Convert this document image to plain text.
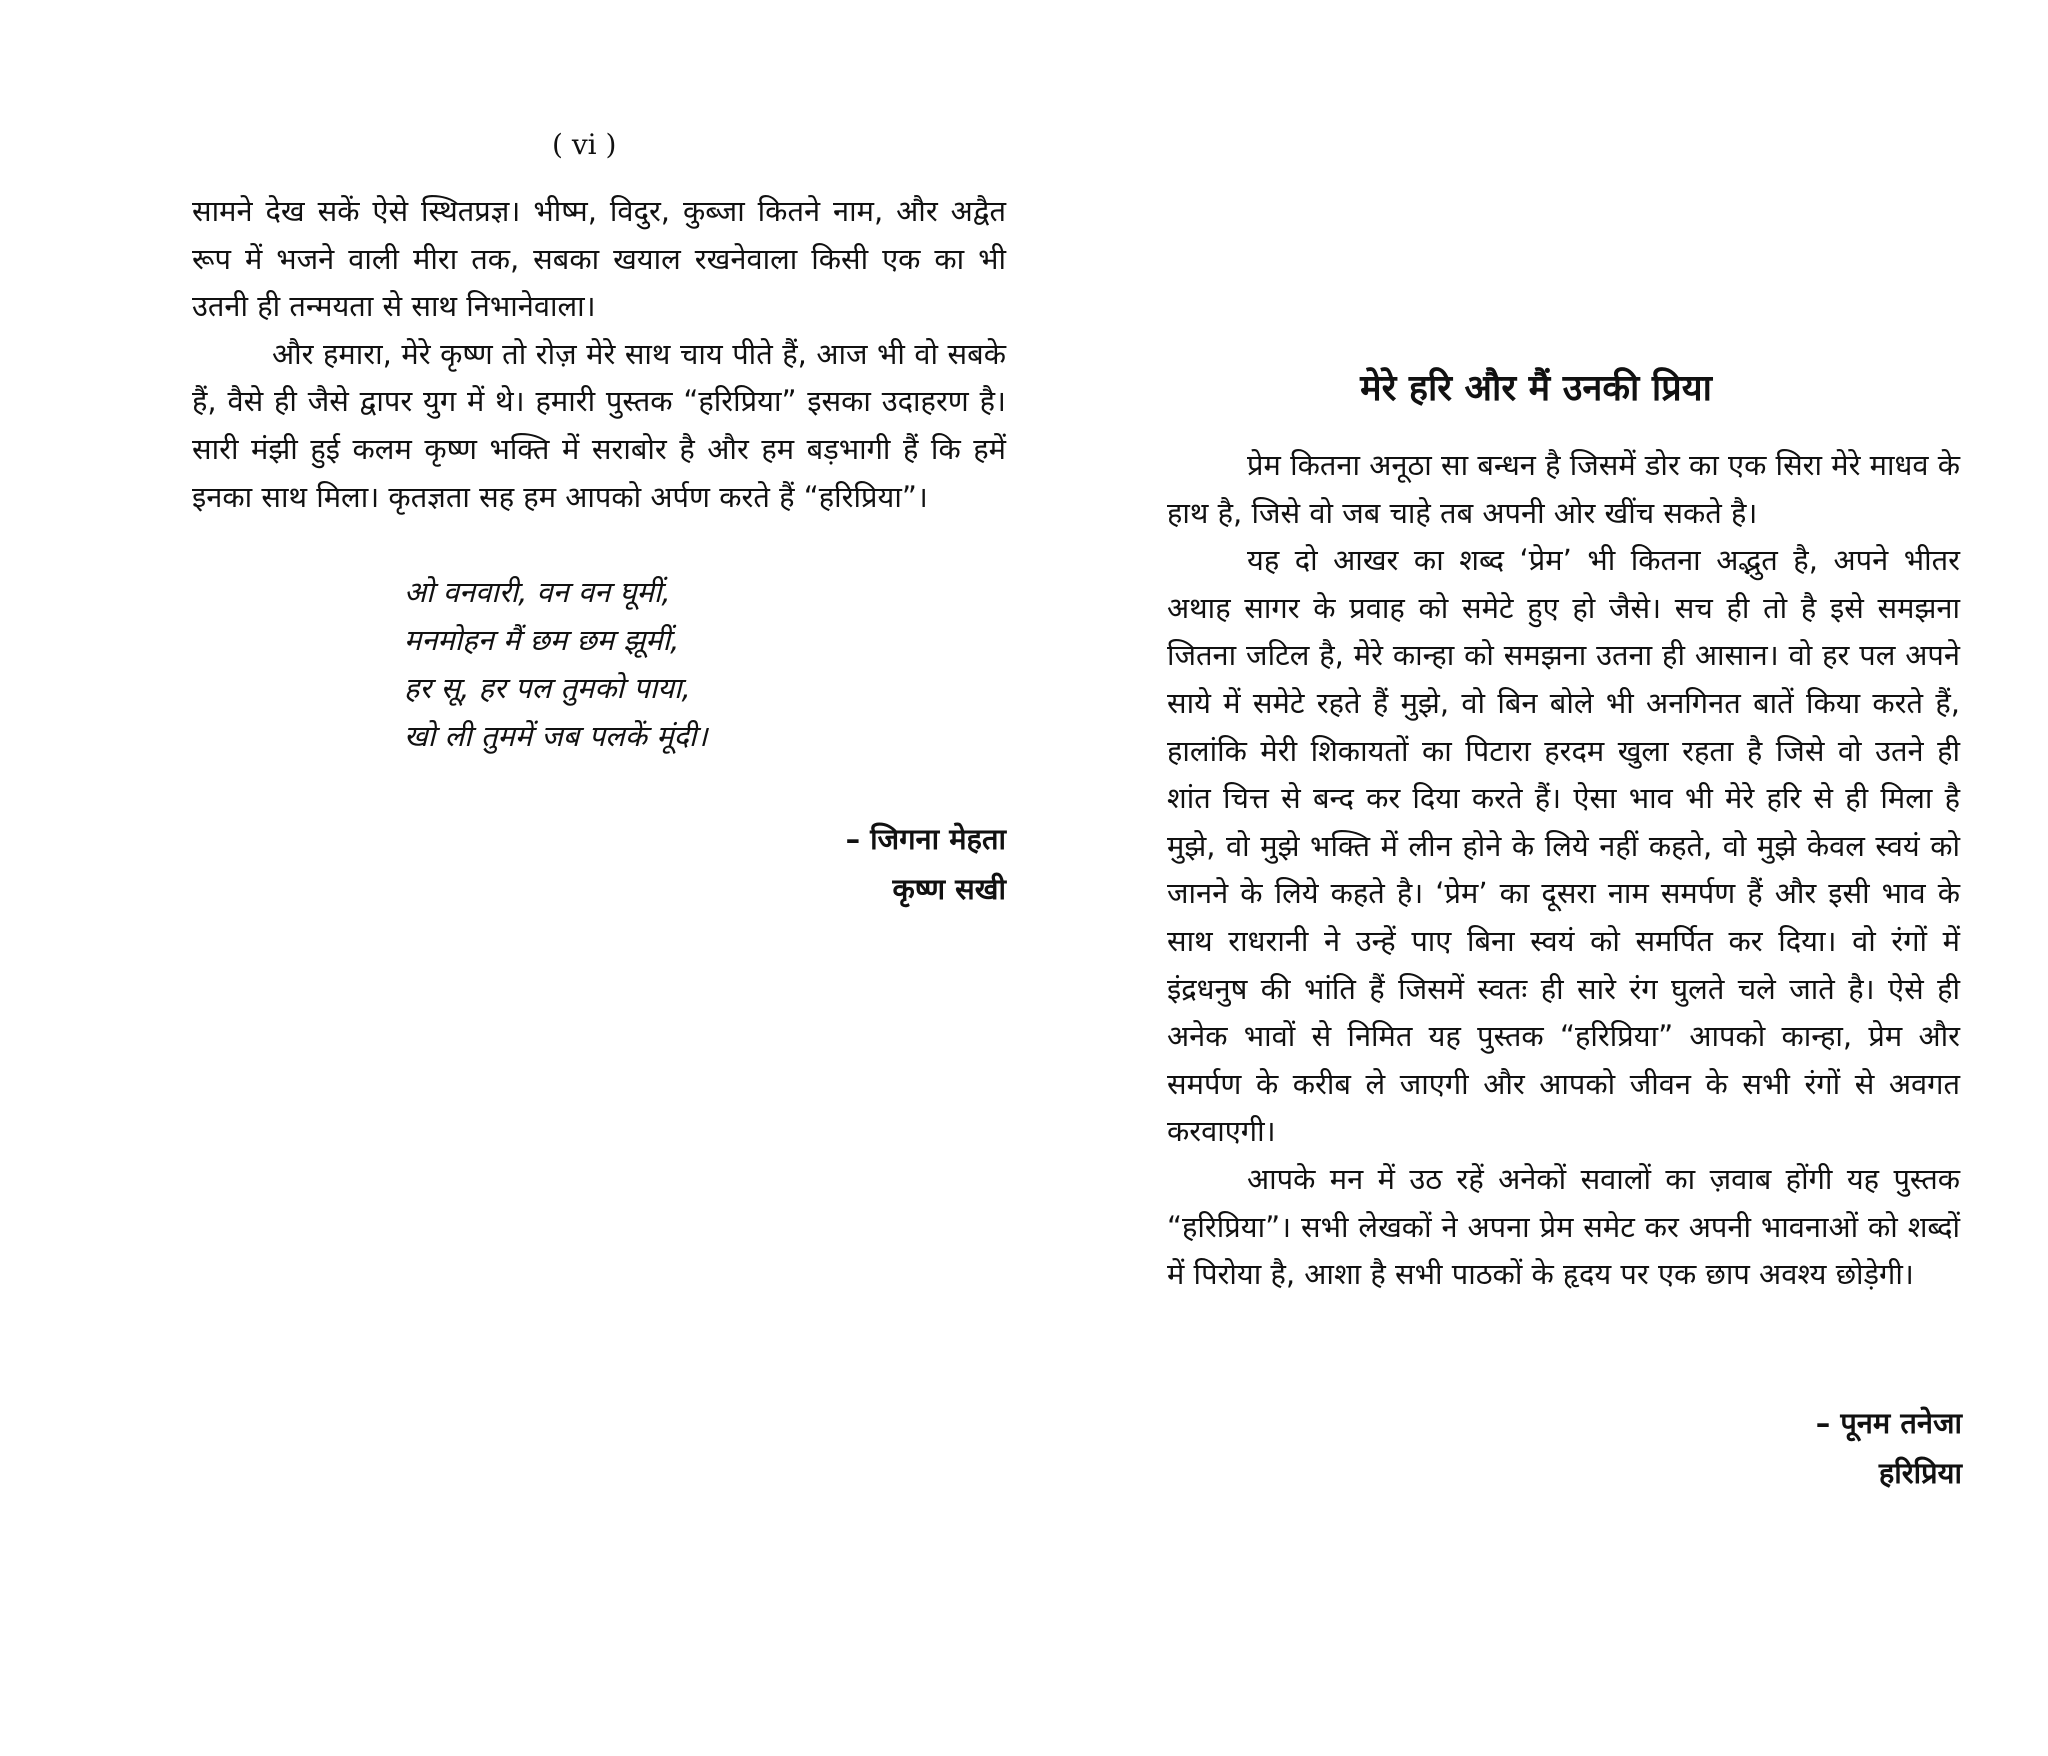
( vi )

सामने देख सकें ऐसे स्थितप्रज्ञ। भीष्म, विदुर, कुब्जा कितने नाम, और अद्वैत रूप में भजने वाली मीरा तक, सबका खयाल रखनेवाला किसी एक का भी उतनी ही तन्मयता से साथ निभानेवाला।

और हमारा, मेरे कृष्ण तो रोज़ मेरे साथ चाय पीते हैं, आज भी वो सबके हैं, वैसे ही जैसे द्वापर युग में थे। हमारी पुस्तक “हरिप्रिया” इसका उदाहरण है। सारी मंझी हुई कलम कृष्ण भक्ति में सराबोर है और हम बड़भागी हैं कि हमें इनका साथ मिला। कृतज्ञता सह हम आपको अर्पण करते हैं “हरिप्रिया”।

ओ वनवारी, वन वन घूमीं,
मनमोहन मैं छम छम झूमीं,
हर सू, हर पल तुमको पाया,
खो ली तुममें जब पलकें मूंदी।
– जिगना मेहता
कृष्ण सखी
मेरे हरि और मैं उनकी प्रिया

प्रेम कितना अनूठा सा बन्धन है जिसमें डोर का एक सिरा मेरे माधव के हाथ है, जिसे वो जब चाहे तब अपनी ओर खींच सकते है।

यह दो आखर का शब्द ‘प्रेम’ भी कितना अद्भुत है, अपने भीतर अथाह सागर के प्रवाह को समेटे हुए हो जैसे। सच ही तो है इसे समझना जितना जटिल है, मेरे कान्हा को समझना उतना ही आसान। वो हर पल अपने साये में समेटे रहते हैं मुझे, वो बिन बोले भी अनगिनत बातें किया करते हैं, हालांकि मेरी शिकायतों का पिटारा हरदम खुला रहता है जिसे वो उतने ही शांत चित्त से बन्द कर दिया करते हैं। ऐसा भाव भी मेरे हरि से ही मिला है मुझे, वो मुझे भक्ति में लीन होने के लिये नहीं कहते, वो मुझे केवल स्वयं को जानने के लिये कहते है। ‘प्रेम’ का दूसरा नाम समर्पण हैं और इसी भाव के साथ राधरानी ने उन्हें पाए बिना स्वयं को समर्पित कर दिया। वो रंगों में इंद्रधनुष की भांति हैं जिसमें स्वतः ही सारे रंग घुलते चले जाते है। ऐसे ही अनेक भावों से निमित यह पुस्तक “हरिप्रिया” आपको कान्हा, प्रेम और समर्पण के करीब ले जाएगी और आपको जीवन के सभी रंगों से अवगत करवाएगी।

आपके मन में उठ रहें अनेकों सवालों का ज़वाब होंगी यह पुस्तक “हरिप्रिया”। सभी लेखकों ने अपना प्रेम समेट कर अपनी भावनाओं को शब्दों में पिरोया है, आशा है सभी पाठकों के हृदय पर एक छाप अवश्य छोड़ेगी।

– पूनम तनेजा
हरिप्रिया
